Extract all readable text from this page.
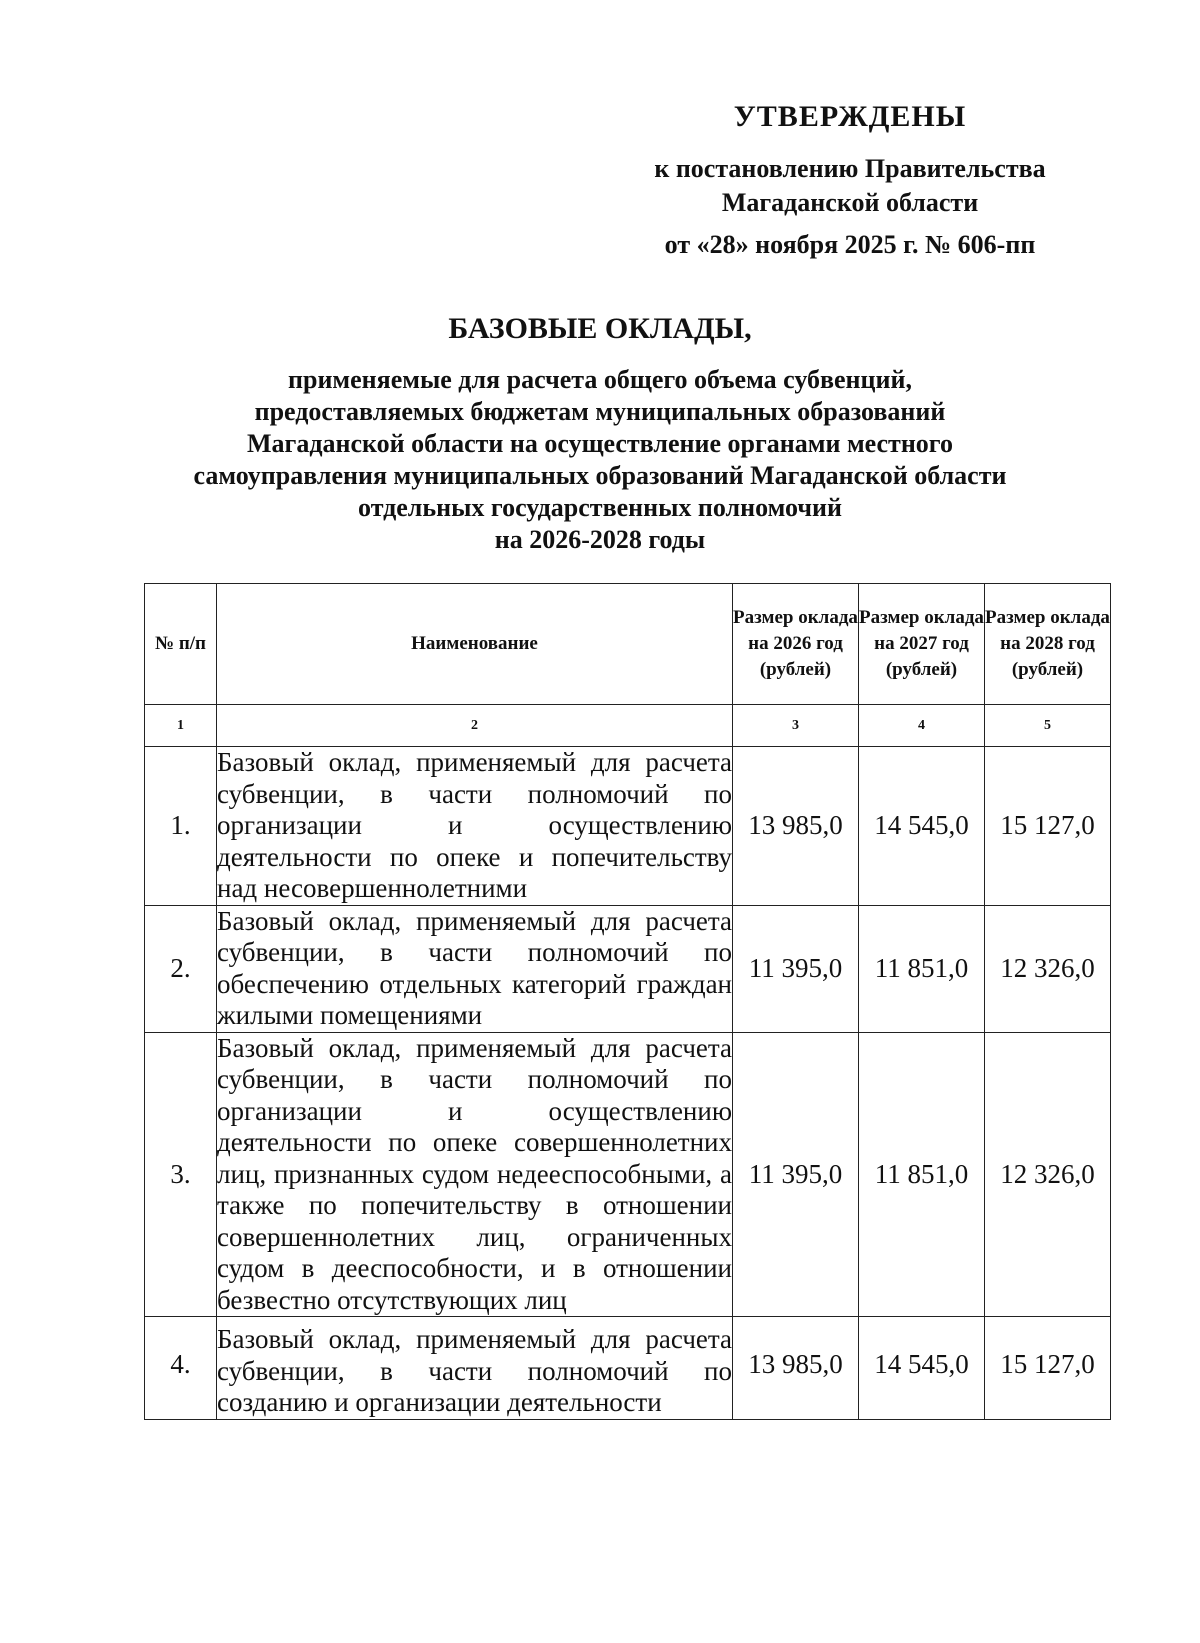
УТВЕРЖДЕНЫ
к постановлению Правительства
Магаданской области
от «28» ноября 2025 г. № 606-пп
БАЗОВЫЕ ОКЛАДЫ,
применяемые для расчета общего объема субвенций,
предоставляемых бюджетам муниципальных образований
Магаданской области на осуществление органами местного
самоуправления муниципальных образований Магаданской области
отдельных государственных полномочий
на 2026-2028 годы
№ п/п	Наименование	Размер оклада на 2026 год (рублей)	Размер оклада на 2027 год (рублей)	Размер оклада на 2028 год (рублей)
1	2	3	4	5
1.	Базовый оклад, применяемый для расчета субвенции, в части полномочий по организации и осуществлению деятельности по опеке и попечительству над несовершеннолетними	13 985,0	14 545,0	15 127,0
2.	Базовый оклад, применяемый для расчета субвенции, в части полномочий по обеспечению отдельных категорий граждан жилыми помещениями	11 395,0	11 851,0	12 326,0
3.	Базовый оклад, применяемый для расчета субвенции, в части полномочий по организации и осуществлению деятельности по опеке совершеннолетних лиц, признанных судом недееспособными, а также по попечительству в отношении совершеннолетних лиц, ограниченных судом в дееспособности, и в отношении безвестно отсутствующих лиц	11 395,0	11 851,0	12 326,0
4.	Базовый оклад, применяемый для расчета субвенции, в части полномочий по созданию и организации деятельности	13 985,0	14 545,0	15 127,0
